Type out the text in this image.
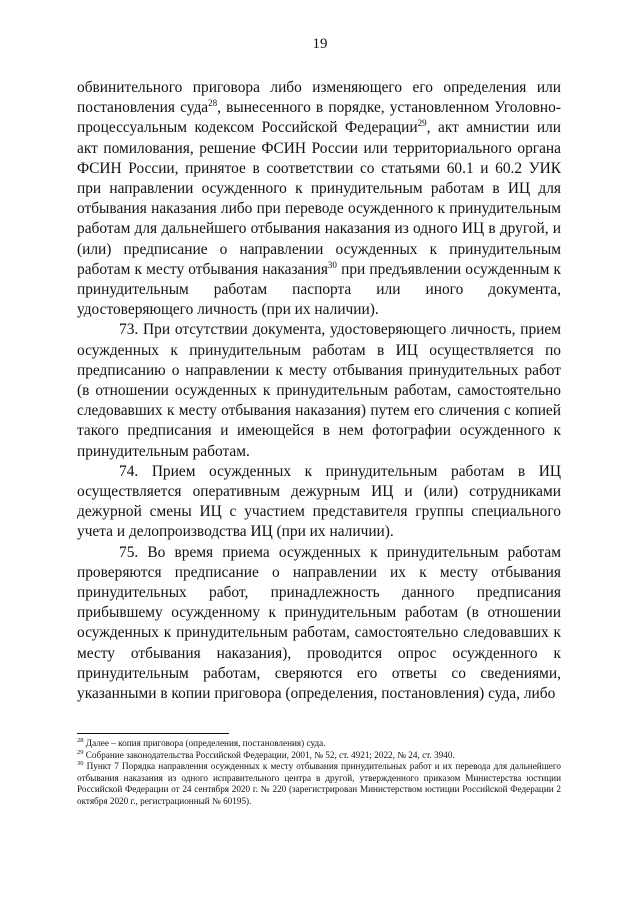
19

обвинительного приговора либо изменяющего его определения или постановления суда$^{28}$, вынесенного в порядке, установленном Уголовно-процессуальным кодексом Российской Федерации$^{29}$, акт амнистии или акт помилования, решение ФСИН России или территориального органа ФСИН России, принятое в соответствии со статьями 60.1 и 60.2 УИК при направлении осужденного к принудительным работам в ИЦ для отбывания наказания либо при переводе осужденного к принудительным работам для дальнейшего отбывания наказания из одного ИЦ в другой, и (или) предписание о направлении осужденных к принудительным работам к месту отбывания наказания$^{30}$ при предъявлении осужденным к принудительным работам паспорта или иного документа, удостоверяющего личность (при их наличии).

73. При отсутствии документа, удостоверяющего личность, прием осужденных к принудительным работам в ИЦ осуществляется по предписанию о направлении к месту отбывания принудительных работ (в отношении осужденных к принудительным работам, самостоятельно следовавших к месту отбывания наказания) путем его сличения с копией такого предписания и имеющейся в нем фотографии осужденного к принудительным работам.

74. Прием осужденных к принудительным работам в ИЦ осуществляется оперативным дежурным ИЦ и (или) сотрудниками дежурной смены ИЦ с участием представителя группы специального учета и делопроизводства ИЦ (при их наличии).

75. Во время приема осужденных к принудительным работам проверяются предписание о направлении их к месту отбывания принудительных работ, принадлежность данного предписания прибывшему осужденному к принудительным работам (в отношении осужденных к принудительным работам, самостоятельно следовавших к месту отбывания наказания), проводится опрос осужденного к принудительным работам, сверяются его ответы со сведениями, указанными в копии приговора (определения, постановления) суда, либо

$^{28}$ Далее – копия приговора (определения, постановления) суда.

$^{29}$ Собрание законодательства Российской Федерации, 2001, № 52, ст. 4921; 2022, № 24, ст. 3940.

$^{30}$ Пункт 7 Порядка направления осужденных к месту отбывания принудительных работ и их перевода для дальнейшего отбывания наказания из одного исправительного центра в другой, утвержденного приказом Министерства юстиции Российской Федерации от 24 сентября 2020 г. № 220 (зарегистрирован Министерством юстиции Российской Федерации 2 октября 2020 г., регистрационный № 60195).
